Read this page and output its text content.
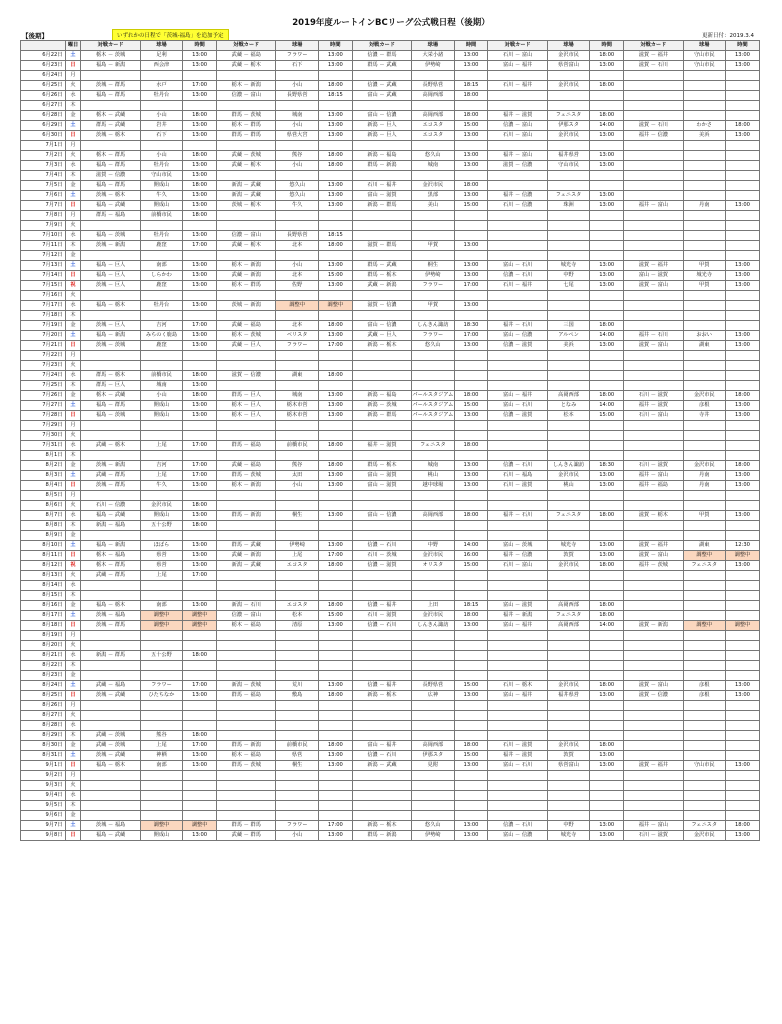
2019年度ルートインBCリーグ公式戦日程（後期）
【後期】	いずれかの日程で「茨城-福島」を追加予定	更新日付：2019.3.4
	曜日	対戦カード	球場	時間	対戦カード	球場	時間	対戦カード	球場	時間	対戦カード	球場	時間	対戦カード	球場	時間
6月22日	土	栃木 － 茨城	足利	13:00	武蔵 － 福島	フラワー	13:00	信濃 － 群馬	大栄小諸	13:00	石川 － 富山	金沢市民	18:00	滋賀 － 福井	守山市民	13:00
6月23日	日	福島 － 新潟	西会津	13:00	武蔵 － 栃木	石下	13:00	群馬 － 武蔵	伊勢崎	13:00	富山 － 福井	県営富山	13:00	滋賀 － 石川	守山市民	13:00
6月24日	月															
6月25日	火	茨城 － 群馬	水戸	17:00	栃木 － 新潟	小山	18:00	信濃 － 武蔵	長野県営	18:15	石川 － 福井	金沢市民	18:00			
6月26日	水	福島 － 群馬	牡丹台	13:00	信濃 － 富山	長野県営	18:15	富山 － 武蔵	高岡西部	18:00						
6月27日	木															
6月28日	金	栃木 － 武蔵	小山	18:00	群馬 － 茨城	城南	13:00	富山 － 信濃	高岡西部	18:00	福井 － 滋賀	フェニスタ	18:00			
6月29日	土	群馬 － 武蔵	岩井	13:00	栃木 － 群馬	小山	13:00	新潟 － 巨人	エコスタ	15:00	信濃 － 富山	伊那スタ	14:00	滋賀 － 石川	わかさ	18:00
6月30日	日	茨城 － 栃木	石下	13:00	群馬 － 群馬	県営大宮	13:00	新潟 － 巨人	エコスタ	13:00	石川 － 富山	金沢市民	13:00	福井 － 信濃	美浜	13:00
7月1日	月															
7月2日	火	栃木 － 群馬	小山	18:00	武蔵 － 茨城	熊谷	18:00	新潟 － 福島	悠久山	13:00	福井 － 富山	福井県営	13:00			
7月3日	水	福島 － 群馬	牡丹台	13:00	武蔵 － 栃木	小山	18:00	群馬 － 新潟	城南	13:00	滋賀 － 信濃	守山市民	13:00			
7月4日	木	滋賀 － 信濃	守山市民	13:00												
7月5日	金	福島 － 群馬	開成山	18:00	新潟 － 武蔵	悠久山	13:00	石川 － 福井	金沢市民	18:00						
7月6日	土	茨城 － 栃木	牛久	13:00	新潟 － 武蔵	悠久山	13:00	富山 － 滋賀	黒部	13:00	福井 － 信濃	フェニスタ	13:00			
7月7日	日	福島 － 武蔵	開成山	13:00	茨城 － 栃木	牛久	13:00	新潟 － 群馬	美山	15:00	石川 － 信濃	珠洲	13:00	福井 － 富山	丹南	13:00
7月8日	月	群馬 － 福島	前橋市民	18:00												
7月9日	火															
7月10日	水	福島 － 茨城	牡丹台	13:00	信濃 － 富山	長野県営	18:15									
7月11日	木	茨城 － 新潟	鹿窪	17:00	武蔵 － 栃木	北本	18:00	滋賀 － 群馬	甲賀	13:00						
7月12日	金															
7月13日	土	福島 － 巨人	南部	13:00	栃木 － 新潟	小山	13:00	群馬 － 武蔵	桐生	13:00	富山 － 石川	城光寺	13:00	滋賀 － 福井	甲賀	13:00
7月14日	日	福島 － 巨人	しらかわ	13:00	武蔵 － 新潟	北本	15:00	群馬 － 栃木	伊勢崎	13:00	信濃 － 石川	中野	13:00	富山 － 滋賀	城光寺	13:00
7月15日	祝	茨城 － 巨人	鹿窪	13:00	栃木 － 群馬	佐野	13:00	武蔵 － 新潟	フラワー	17:00	石川 － 福井	七尾	13:00	滋賀 － 富山	甲賀	13:00
7月16日	火															
7月17日	水	福島 － 栃木	牡丹台	13:00	茨城 － 新潟	調整中	調整中	滋賀 － 信濃	甲賀	13:00						
7月18日	木															
7月19日	金	茨城 － 巨人	吉河	17:00	武蔵 － 福島	北本	18:00	富山 － 信濃	しんきん諏訪	18:30	福井 － 石川	三国	18:00			
7月20日	土	福島 － 新潟	みちのく鹿島	13:00	栃木 － 茨城	ベリスタ	13:00	武蔵 － 巨人	フラワー	17:00	富山 － 信濃	アルペン	14:00	福井 － 石川	おおい	13:00
7月21日	日	茨城 － 茨城	鹿窪	13:00	武蔵 － 巨人	フラワー	17:00	新潟 － 栃木	悠久山	13:00	信濃 － 滋賀	美浜	13:00	滋賀 － 富山	湖東	13:00
7月22日	月															
7月23日	火															
7月24日	水	群馬 － 栃木	前橋市民	18:00	滋賀 － 信濃	湖東	18:00									
7月25日	木	群馬 － 巨人	城南	13:00												
7月26日	金	栃木 － 武蔵	小山	18:00	群馬 － 巨人	城南	13:00	新潟 － 福島	パールスタジアム	18:00	富山 － 福井	高岡西部	18:00	石川 － 滋賀	金沢市民	18:00
7月27日	土	福島 － 群馬	開成山	13:00	栃木 － 巨人	栃木市営	13:00	新潟 － 茨城	パールスタジアム	15:00	富山 － 石川	となみ	14:00	福井 － 滋賀	彦根	13:00
7月28日	日	福島 － 茨城	開成山	13:00	栃木 － 巨人	栃木市営	13:00	新潟 － 群馬	パールスタジアム	13:00	信濃 － 滋賀	松本	15:00	石川 － 富山	寺井	13:00
7月29日	月															
7月30日	火															
7月31日	水	武蔵 － 栃木	上尾	17:00	群馬 － 福島	前橋市民	18:00	福井 － 滋賀	フェニスタ	18:00						
8月1日	木															
8月2日	金	茨城 － 新潟	吉河	17:00	武蔵 － 福島	熊谷	18:00	群馬 － 栃木	城南	13:00	信濃 － 石川	しんきん諏訪	18:30	石川 － 滋賀	金沢市民	18:00
8月3日	土	武蔵 － 群馬	上尾	17:00	群馬 － 茨城	太田	13:00	富山 － 滋賀	桃山	13:00	石川 － 福島	金沢市民	13:00	福井 － 富山	丹南	13:00
8月4日	日	茨城 － 群馬	牛久	13:00	栃木 － 新潟	小山	13:00	富山 － 滋賀	越中球場	13:00	石川 － 滋賀	桃山	13:00	福井 － 福島	丹南	13:00
8月5日	月															
8月6日	火	石川 － 信濃	金沢市民	18:00												
8月7日	水	福島 － 武蔵	開成山	13:00	群馬 － 新潟	桐生	13:00	富山 － 信濃	高岡西部	18:00	福井 － 石川	フェニスタ	18:00	滋賀 － 栃木	甲賀	13:00
8月8日	木	新潟 － 福島	五十公野	18:00												
8月9日	金															
8月10日	土	福島 － 新潟	ほばら	13:00	群馬 － 武蔵	伊勢崎	13:00	信濃 － 石川	中野	14:00	富山 － 茨城	城光寺	13:00	滋賀 － 福井	湖東	12:30
8月11日	日	栃木 － 福島	県営	13:00	武蔵 － 新潟	上尾	17:00	石川 － 茨城	金沢市民	16:00	福井 － 信濃	敦賀	13:00	滋賀 － 富山	調整中	調整中
8月12日	祝	栃木 － 群馬	県営	13:00	新潟 － 武蔵	エコスタ	18:00	信濃 － 滋賀	オリスタ	15:00	石川 － 富山	金沢市民	18:00	福井 － 茨城	フェニスタ	13:00
8月13日	火	武蔵 － 群馬	上尾	17:00												
8月14日	水															
8月15日	木															
8月16日	金	福島 － 栃木	南部	13:00	新潟 － 石川	エコスタ	18:00	信濃 － 福井	上田	18:15	富山 － 滋賀	高岡西部	18:00			
8月17日	土	茨城 － 福島	調整中	調整中	信濃 － 富山	松本	15:00	石川 － 滋賀	金沢市民	18:00	福井 － 新潟	フェニスタ	18:00			
8月18日	日	茨城 － 群馬	調整中	調整中	栃木 － 福島	清原	13:00	信濃 － 石川	しんきん諏訪	13:00	富山 － 福井	高岡西部	14:00	滋賀 － 新潟	調整中	調整中
8月19日	月															
8月20日	火															
8月21日	水	新潟 － 群馬	五十公野	18:00												
8月22日	木															
8月23日	金															
8月24日	土	武蔵 － 福島	フラワー	17:00	新潟 － 茨城	荒川	13:00	信濃 － 福井	長野県営	15:00	石川 － 栃木	金沢市民	18:00	滋賀 － 富山	彦根	13:00
8月25日	日	茨城 － 武蔵	ひたちなか	13:00	群馬 － 福島	敷島	18:00	新潟 － 栃木	広神	13:00	富山 － 福井	福井県営	13:00	滋賀 － 信濃	彦根	13:00
8月26日	月															
8月27日	火															
8月28日	水															
8月29日	木	武蔵 － 茨城	熊谷	18:00												
8月30日	金	武蔵 － 茨城	上尾	17:00	群馬 － 新潟	前橋市民	18:00	富山 － 福井	高岡西部	18:00	石川 － 滋賀	金沢市民	18:00			
8月31日	土	茨城 － 武蔵	神栖	13:00	栃木 － 福島	県営	13:00	信濃 － 石川	伊那スタ	15:00	福井 － 滋賀	敦賀	13:00			
9月1日	日	福島 － 栃木	南部	13:00	群馬 － 茨城	桐生	13:00	新潟 － 武蔵	見附	13:00	富山 － 石川	県営富山	13:00	滋賀 － 福井	守山市民	13:00
9月2日	月															
9月3日	火															
9月4日	水															
9月5日	木															
9月6日	金															
9月7日	土	茨城 － 福島	調整中	調整中	群馬 － 群馬	フラワー	17:00	新潟 － 栃木	悠久山	13:00	信濃 － 石川	中野	13:00	福井 － 富山	フェニスタ	18:00
9月8日	日	福島 － 武蔵	開成山	13:00	武蔵 － 群馬	小山	13:00	群馬 － 新潟	伊勢崎	13:00	富山 － 信濃	城光寺	13:00	石川 － 滋賀	金沢市民	13:00
